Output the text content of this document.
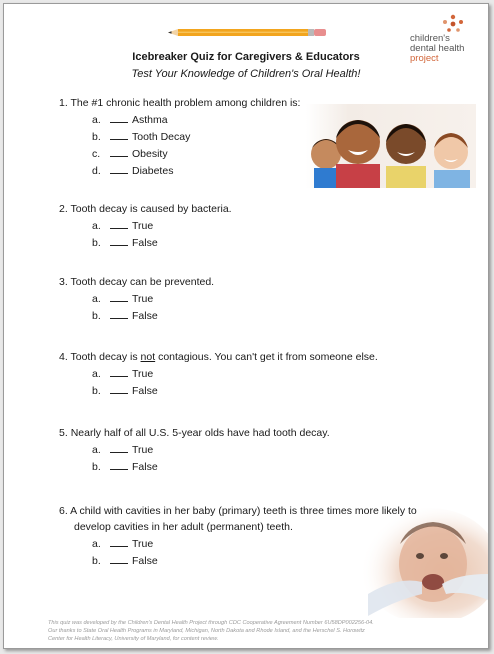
children's
dental health
project
Icebreaker Quiz for Caregivers & Educators
Test Your Knowledge of Children's Oral Health!
1. The #1 chronic health problem among children is:
a.	Asthma
b.	Tooth Decay
c.	Obesity
d.	Diabetes
2. Tooth decay is caused by bacteria.
a.	True
b.	False
3. Tooth decay can be prevented.
a.	True
b.	False
4. Tooth decay is not contagious. You can't get it from someone else.
a.	True
b.	False
5. Nearly half of all U.S. 5-year olds have had tooth decay.
a.	True
b.	False
6. A child with cavities in her baby (primary) teeth is three times more likely to
develop cavities in her adult (permanent) teeth.
a.	True
b.	False
This quiz was developed by the Children's Dental Health Project through CDC Cooperative Agreement Number 6U58DP002256-04.
Our thanks to State Oral Health Programs in Maryland, Michigan, North Dakota and Rhode Island, and the Herschel S. Horowitz
Center for Health Literacy, University of Maryland, for content review.
